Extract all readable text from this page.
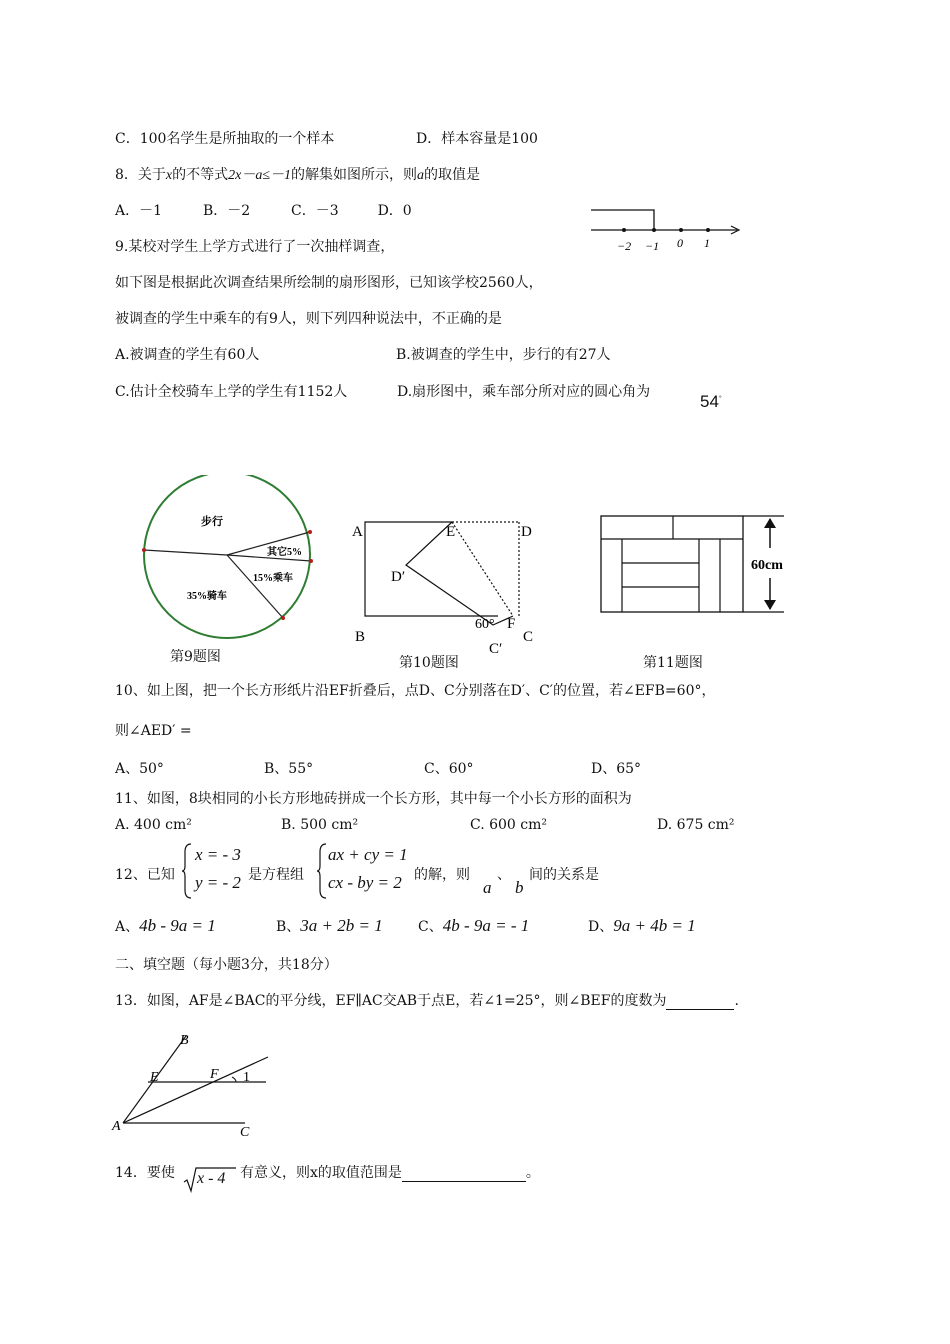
C．100名学生是所抽取的一个样本	D．样本容量是100
8．关于x的不等式2x－a≤－1的解集如图所示，则a的取值是
A．－1	B．－2	C．－3	D．0
−2 −1 0 1
9.某校对学生上学方式进行了一次抽样调查，
如下图是根据此次调查结果所绘制的扇形图形，已知该学校2560人，
被调查的学生中乘车的有9人，则下列四种说法中，不正确的是
A.被调查的学生有60人	B.被调查的学生中，步行的有27人
C.估计全校骑车上学的学生有1152人	D.扇形图中，乘车部分所对应的圆心角为	54°
步行
其它5%
15%乘车
35%骑车
第9题图
A	E	D
D′
B
60° F
C
C′
第10题图
60cm
第11题图
10、如上图，把一个长方形纸片沿EF折叠后，点D、C分别落在D′、C′的位置，若∠EFB=60°，
则∠AED′ =
A、50°	B、55°	C、60°	D、65°
11、如图，8块相同的小长方形地砖拼成一个长方形，其中每一个小长方形的面积为
A. 400 cm²	B. 500 cm²	C. 600 cm²	D. 675 cm²
12、已知
x = - 3
y = - 2 是方程组
ax + cy = 1
cx - by = 2 的解，则
a
、
b
间的关系是
A、4b - 9a = 1	B、3a + 2b = 1	C、4b - 9a = - 1	D、9a + 4b = 1
二、填空题（每小题3分，共18分）
13．如图，AF是∠BAC的平分线，EF∥AC交AB于点E，若∠1=25°，则∠BEF的度数为	.
A
B
C
E	F 1
14．要使 x - 4 有意义，则x的取值范围是	。
